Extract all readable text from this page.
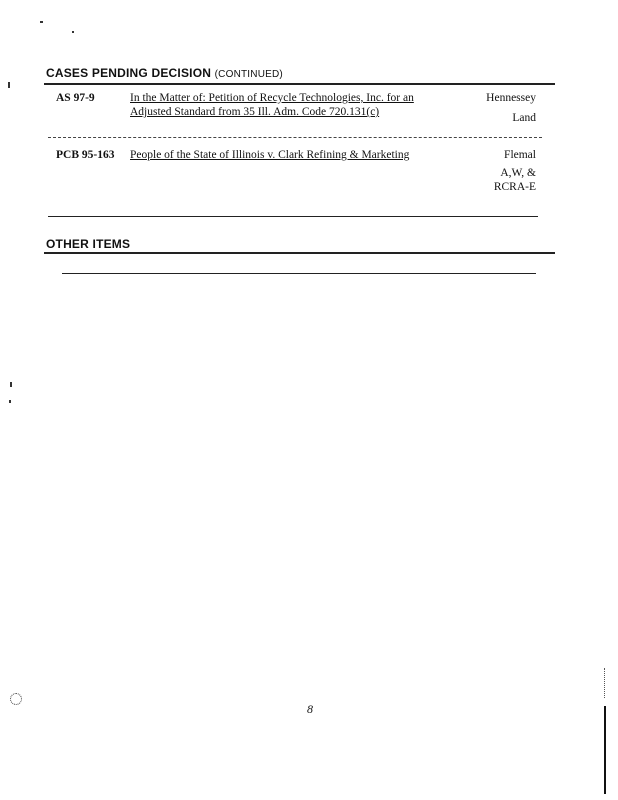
CASES PENDING DECISION (CONTINUED)
AS 97-9	In the Matter of: Petition of Recycle Technologies, Inc. for an Adjusted Standard from 35 Ill. Adm. Code 720.131(c)
Hennessey
Land
PCB 95-163 People of the State of Illinois v. Clark Refining & Marketing	Flemal
A,W, &
RCRA-E
OTHER ITEMS
8
